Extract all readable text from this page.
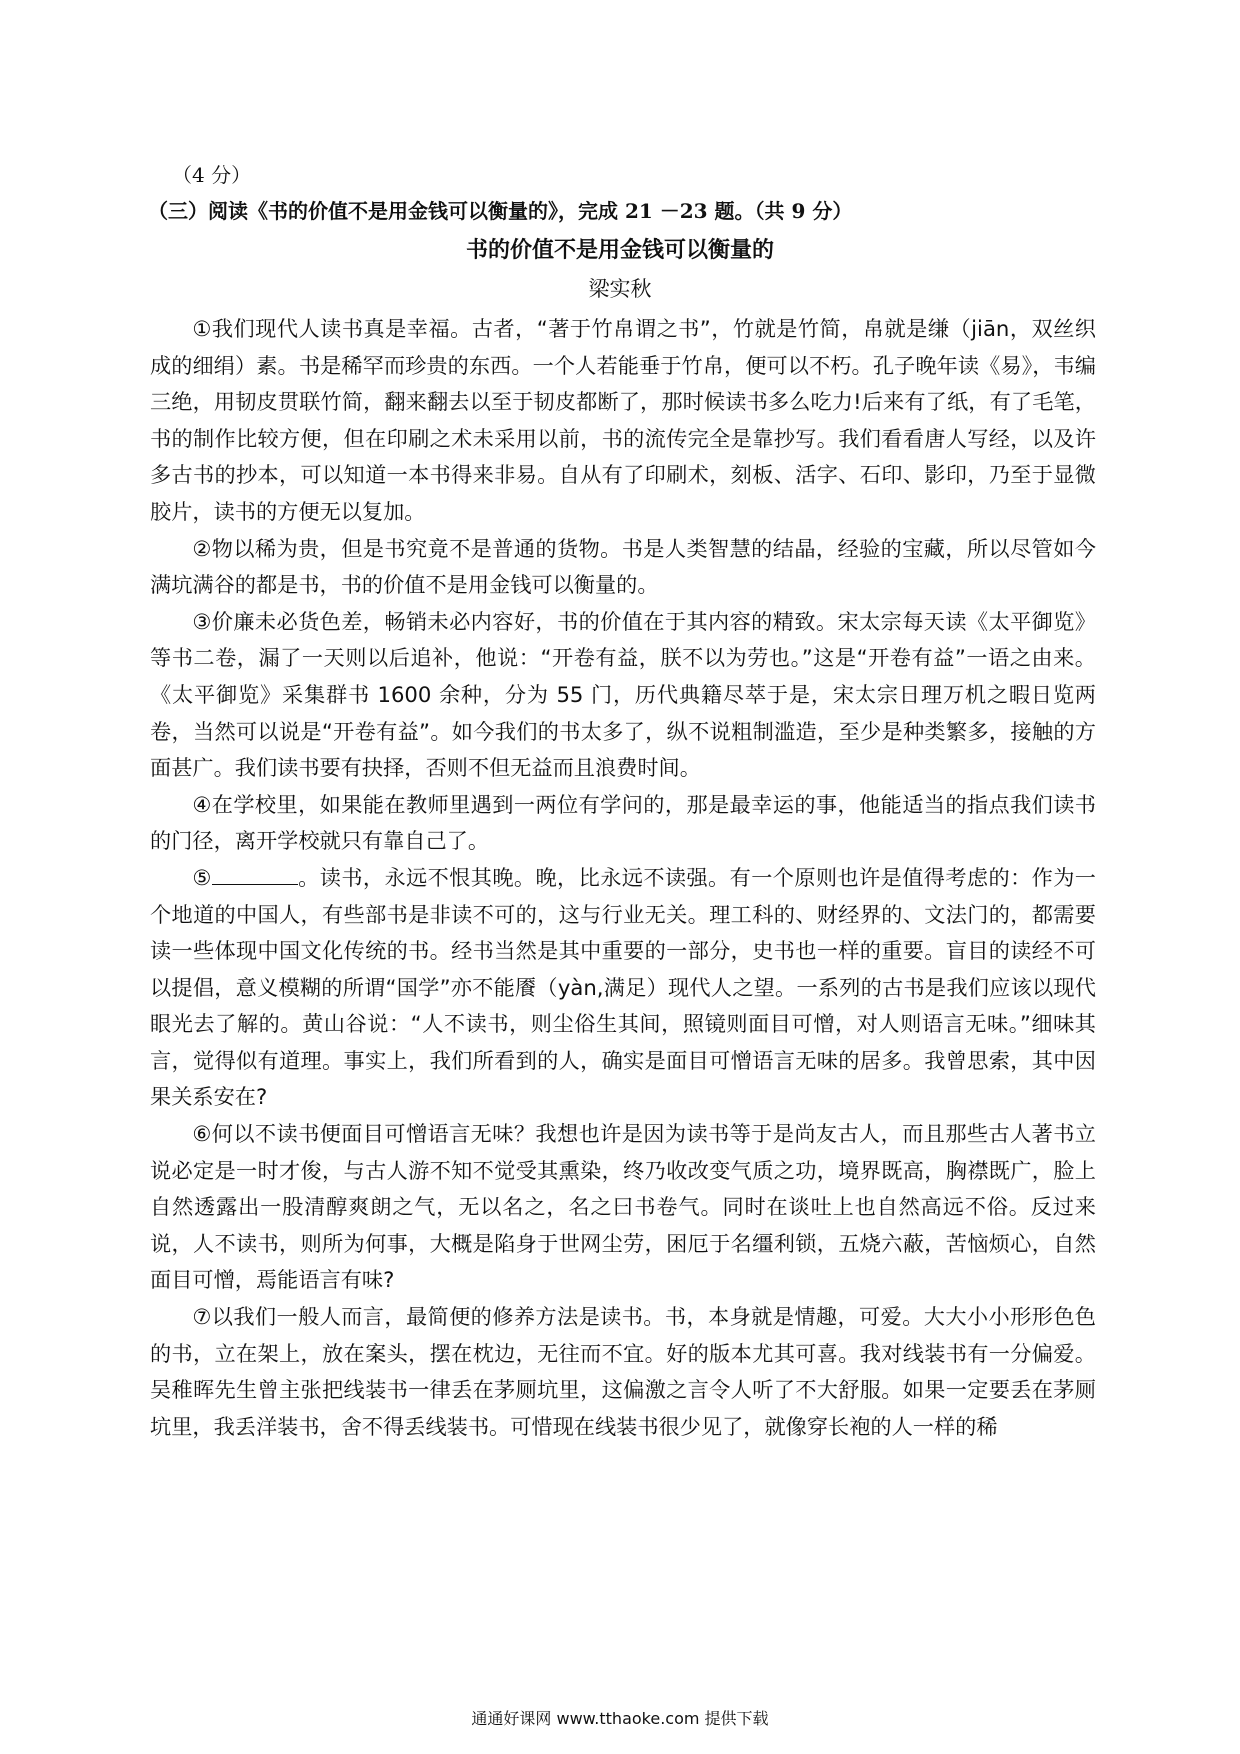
（4 分）
（三）阅读《书的价值不是用金钱可以衡量的》，完成 21 －23 题。（共 9 分）
书的价值不是用金钱可以衡量的
梁实秋

①我们现代人读书真是幸福。古者，“著于竹帛谓之书”，竹就是竹简，帛就是缣（jiān，双丝织成的细绢）素。书是稀罕而珍贵的东西。一个人若能垂于竹帛，便可以不朽。孔子晚年读《易》，韦编三绝，用韧皮贯联竹简，翻来翻去以至于韧皮都断了，那时候读书多么吃力!后来有了纸，有了毛笔，书的制作比较方便，但在印刷之术未采用以前，书的流传完全是靠抄写。我们看看唐人写经，以及许多古书的抄本，可以知道一本书得来非易。自从有了印刷术，刻板、活字、石印、影印，乃至于显微胶片，读书的方便无以复加。

②物以稀为贵，但是书究竟不是普通的货物。书是人类智慧的结晶，经验的宝藏，所以尽管如今满坑满谷的都是书，书的价值不是用金钱可以衡量的。

③价廉未必货色差，畅销未必内容好，书的价值在于其内容的精致。宋太宗每天读《太平御览》等书二卷，漏了一天则以后追补，他说：“开卷有益，朕不以为劳也。”这是“开卷有益”一语之由来。《太平御览》采集群书 1600 余种，分为 55 门，历代典籍尽萃于是，宋太宗日理万机之暇日览两卷，当然可以说是“开卷有益”。如今我们的书太多了，纵不说粗制滥造，至少是种类繁多，接触的方面甚广。我们读书要有抉择，否则不但无益而且浪费时间。

④在学校里，如果能在教师里遇到一两位有学问的，那是最幸运的事，他能适当的指点我们读书的门径，离开学校就只有靠自己了。

⑤	。读书，永远不恨其晚。晚，比永远不读强。有一个原则也许是值得考虑的：作为一个地道的中国人，有些部书是非读不可的，这与行业无关。理工科的、财经界的、文法门的，都需要读一些体现中国文化传统的书。经书当然是其中重要的一部分，史书也一样的重要。盲目的读经不可以提倡，意义模糊的所谓“国学”亦不能餍（yàn,满足）现代人之望。一系列的古书是我们应该以现代眼光去了解的。黄山谷说：“人不读书，则尘俗生其间，照镜则面目可憎，对人则语言无味。”细味其言，觉得似有道理。事实上，我们所看到的人，确实是面目可憎语言无味的居多。我曾思索，其中因果关系安在?

⑥何以不读书便面目可憎语言无味？我想也许是因为读书等于是尚友古人，而且那些古人著书立说必定是一时才俊，与古人游不知不觉受其熏染，终乃收改变气质之功，境界既高，胸襟既广，脸上自然透露出一股清醇爽朗之气，无以名之，名之曰书卷气。同时在谈吐上也自然高远不俗。反过来说，人不读书，则所为何事，大概是陷身于世网尘劳，困厄于名缰利锁，五烧六蔽，苦恼烦心，自然面目可憎，焉能语言有味?

⑦以我们一般人而言，最简便的修养方法是读书。书，本身就是情趣，可爱。大大小小形形色色的书，立在架上，放在案头，摆在枕边，无往而不宜。好的版本尤其可喜。我对线装书有一分偏爱。吴稚晖先生曾主张把线装书一律丢在茅厕坑里，这偏激之言令人听了不大舒服。如果一定要丢在茅厕坑里，我丢洋装书，舍不得丢线装书。可惜现在线装书很少见了，就像穿长袍的人一样的稀

通通好课网 www.tthaoke.com 提供下载
